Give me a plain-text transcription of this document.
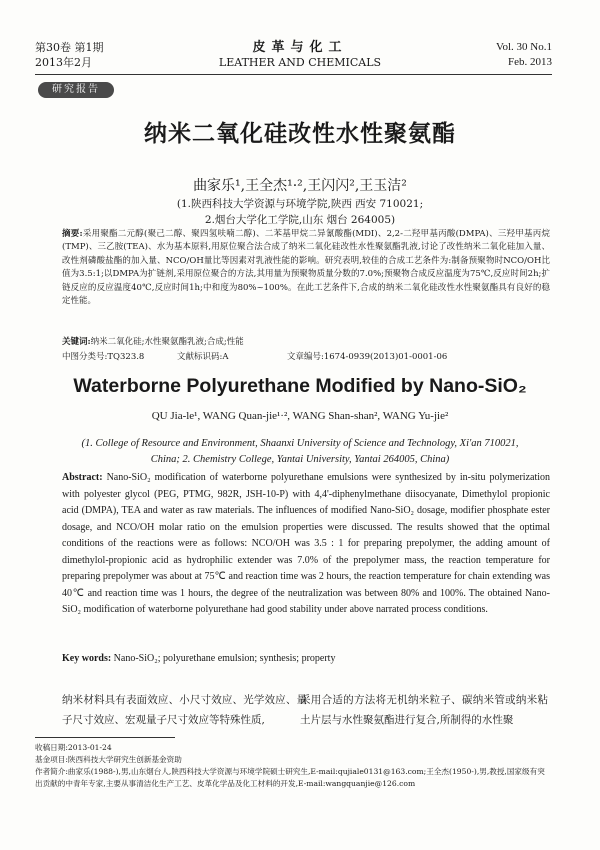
第30卷 第1期
2013年2月
皮革与化工
LEATHER AND CHEMICALS
Vol. 30 No.1
Feb. 2013
研究报告
纳米二氧化硅改性水性聚氨酯
曲家乐¹,王全杰¹·²,王闪闪²,王玉洁²
(1.陕西科技大学资源与环境学院,陕西 西安 710021;
2.烟台大学化工学院,山东 烟台 264005)
摘要:采用聚酯二元醇(聚己二醇、聚四氢呋喃二醇)、二苯基甲烷二异氰酸酯(MDI)、2,2-二羟甲基丙酸(DMPA)、三羟甲基丙烷(TMP)、三乙胺(TEA)、水为基本原料,用原位聚合法合成了纳米二氧化硅改性水性聚氨酯乳液,讨论了改性纳米二氧化硅加入量、改性剂磷酸盐酯的加入量、NCO/OH量比等因素对乳液性能的影响。研究表明,较佳的合成工艺条件为:制备预聚物时NCO/OH比值为3.5:1;以DMPA为扩链剂,采用原位聚合的方法,其用量为预聚物质量分数的7.0%;预聚物合成反应温度为75℃,反应时间2h;扩链反应的反应温度40℃,反应时间1h;中和度为80%~100%。在此工艺条件下,合成的纳米二氧化硅改性水性聚氨酯具有良好的稳定性能。
关键词:纳米二氧化硅;水性聚氨酯乳液;合成;性能
中图分类号:TQ323.8	文献标识码:A	文章编号:1674-0939(2013)01-0001-06
Waterborne Polyurethane Modified by Nano-SiO₂
QU Jia-le¹, WANG Quan-jie¹·², WANG Shan-shan², WANG Yu-jie²
(1. College of Resource and Environment, Shaanxi University of Science and Technology, Xi'an 710021, China; 2. Chemistry College, Yantai University, Yantai 264005, China)
Abstract: Nano-SiO₂ modification of waterborne polyurethane emulsions were synthesized by in-situ polymerization with polyester glycol (PEG, PTMG, 982R, JSH-10-P) with 4,4'-diphenylmethane diisocyanate, Dimethylol propionic acid (DMPA), TEA and water as raw materials. The influences of modified Nano-SiO₂ dosage, modifier phosphate ester dosage, and NCO/OH molar ratio on the emulsion properties were discussed. The results showed that the optimal conditions of the reactions were as follows: NCO/OH was 3.5 : 1 for preparing prepolymer, the adding amount of dimethylol-propionic acid as hydrophilic extender was 7.0% of the prepolymer mass, the reaction temperature for preparing prepolymer was about at 75℃ and reaction time was 2 hours, the reaction temperature for chain extending was 40℃ and reaction time was 1 hours, the degree of the neutralization was between 80% and 100%. The obtained Nano-SiO₂ modification of waterborne polyurethane had good stability under above narrated process conditions.
Key words: Nano-SiO₂; polyurethane emulsion; synthesis; property
纳米材料具有表面效应、小尺寸效应、光学效应、量子尺寸效应、宏观量子尺寸效应等特殊性质,
采用合适的方法将无机纳米粒子、碳纳米管或纳米粘土片层与水性聚氨酯进行复合,所制得的水性聚
收稿日期:2013-01-24
基金项目:陕西科技大学研究生创新基金资助
作者简介:曲家乐(1988-),男,山东烟台人,陕西科技大学资源与环境学院硕士研究生,E-mail:qujiale0131@163.com;王全杰(1950-),男,教授,国家级有突出贡献的中青年专家,主要从事清洁化生产工艺、皮革化学品及化工材料的开发,E-mail:wangquanjie@126.com
